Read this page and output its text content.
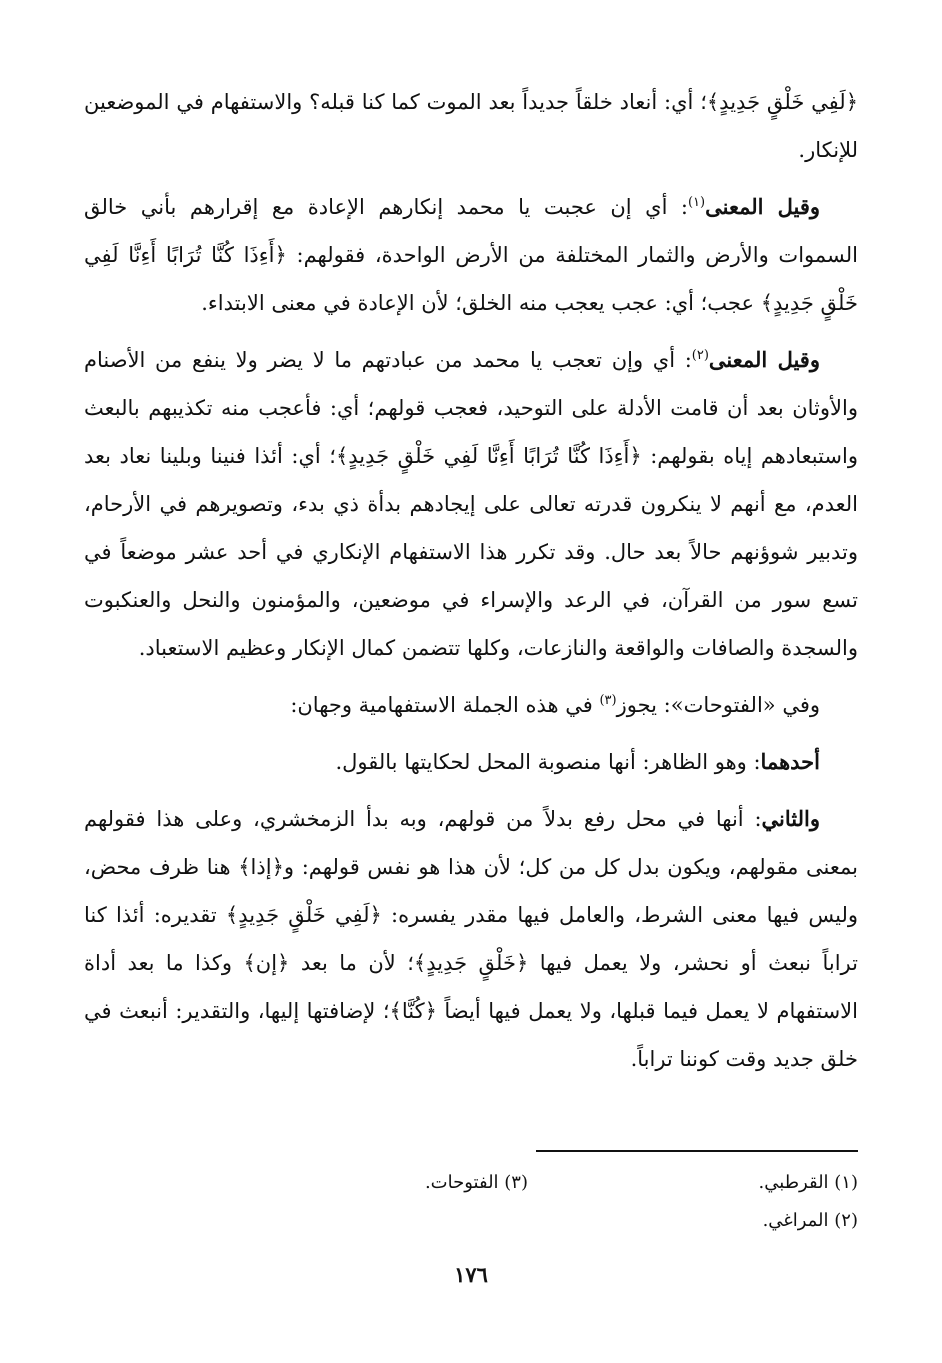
﴿لَفِي خَلْقٍ جَدِيدٍ﴾؛ أي: أنعاد خلقاً جديداً بعد الموت كما كنا قبله؟ والاستفهام في الموضعين للإنكار.

وقيل المعنى$^{(١)}$: أي إن عجبت يا محمد إنكارهم الإعادة مع إقرارهم بأني خالق السموات والأرض والثمار المختلفة من الأرض الواحدة، فقولهم: ﴿أَءِذَا كُنَّا تُرَابًا أَءِنَّا لَفِي خَلْقٍ جَدِيدٍ﴾ عجب؛ أي: عجب يعجب منه الخلق؛ لأن الإعادة في معنى الابتداء.

وقيل المعنى$^{(٢)}$: أي وإن تعجب يا محمد من عبادتهم ما لا يضر ولا ينفع من الأصنام والأوثان بعد أن قامت الأدلة على التوحيد، فعجب قولهم؛ أي: فأعجب منه تكذيبهم بالبعث واستبعادهم إياه بقولهم: ﴿أَءِذَا كُنَّا تُرَابًا أَءِنَّا لَفِي خَلْقٍ جَدِيدٍ﴾؛ أي: أئذا فنينا وبلينا نعاد بعد العدم، مع أنهم لا ينكرون قدرته تعالى على إيجادهم بدأة ذي بدء، وتصويرهم في الأرحام، وتدبير شوؤنهم حالاً بعد حال. وقد تكرر هذا الاستفهام الإنكاري في أحد عشر موضعاً في تسع سور من القرآن، في الرعد والإسراء في موضعين، والمؤمنون والنحل والعنكبوت والسجدة والصافات والواقعة والنازعات، وكلها تتضمن كمال الإنكار وعظيم الاستعباد.

وفي «الفتوحات»: يجوز$^{(٣)}$ في هذه الجملة الاستفهامية وجهان:

أحدهما: وهو الظاهر: أنها منصوبة المحل لحكايتها بالقول.

والثاني: أنها في محل رفع بدلاً من قولهم، وبه بدأ الزمخشري، وعلى هذا فقولهم بمعنى مقولهم، ويكون بدل كل من كل؛ لأن هذا هو نفس قولهم: و﴿إذا﴾ هنا ظرف محض، وليس فيها معنى الشرط، والعامل فيها مقدر يفسره: ﴿لَفِي خَلْقٍ جَدِيدٍ﴾ تقديره: أئذا كنا تراباً نبعث أو نحشر، ولا يعمل فيها ﴿خَلْقٍ جَدِيدٍ﴾؛ لأن ما بعد ﴿إن﴾ وكذا ما بعد أداة الاستفهام لا يعمل فيما قبلها، ولا يعمل فيها أيضاً ﴿كُنَّا﴾؛ لإضافتها إليها، والتقدير: أنبعث في خلق جديد وقت كوننا تراباً.

(١) القرطبي.
(٣) الفتوحات.
(٢) المراغي.
١٧٦
